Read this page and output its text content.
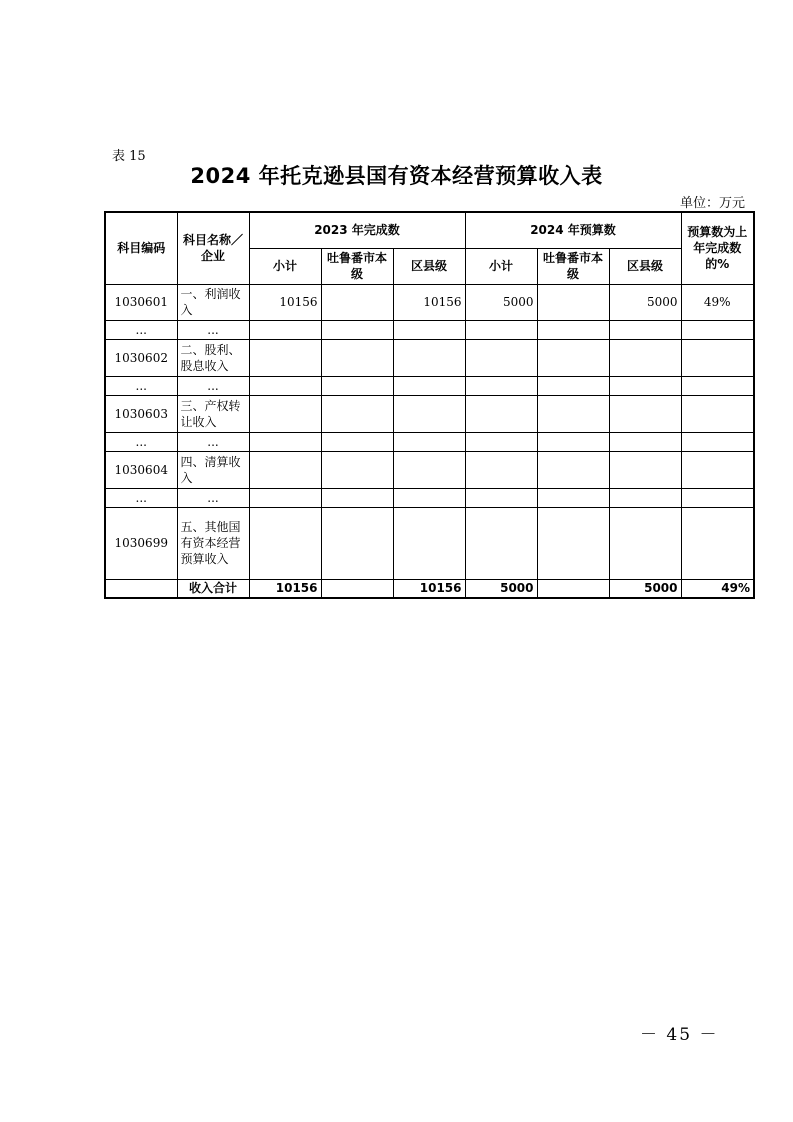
表 15
2024 年托克逊县国有资本经营预算收入表
单位：万元
科目编码	科目名称／企业	2023 年完成数			2024 年预算数			预算数为上年完成数的%
		小计	吐鲁番市本级	区县级	小计	吐鲁番市本级	区县级	
1030601	一、利润收入	10156		10156	5000		5000	49%
...	...							
1030602	二、股利、股息收入							
...	...							
1030603	三、产权转让收入							
...	...							
1030604	四、清算收入							
...	...							
1030699	五、其他国有资本经营预算收入							
	收入合计	10156		10156	5000		5000	49%
－ 45 －
